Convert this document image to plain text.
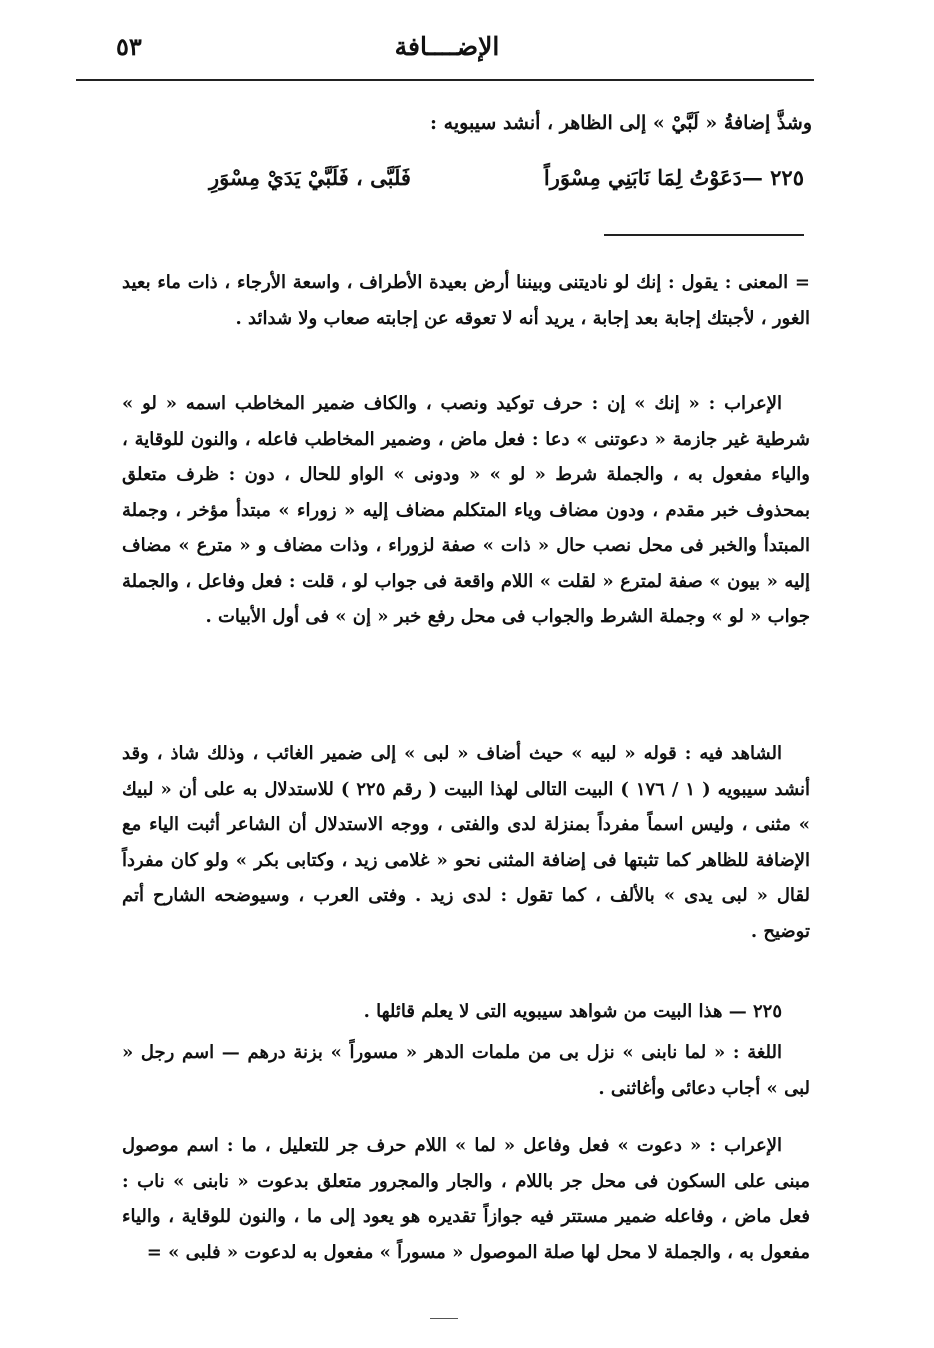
الإضــــافة
٥٣
وشذَّ إضافةُ « لَبَّيْ » إلى الظاهر ، أنشد سيبويه :
٢٢٥ —
دَعَوْتُ لِمَا نَابَنِي مِسْوَراً
فَلَبَّى ، فَلَبَّيْ يَدَيْ مِسْوَرِ

= المعنى : يقول : إنك لو ناديتنى وبيننا أرض بعيدة الأطراف ، واسعة الأرجاء ، ذات ماء بعيد الغور ، لأجبتك إجابة بعد إجابة ، يريد أنه لا تعوقه عن إجابته صعاب ولا شدائد .

الإعراب : « إنك » إن : حرف توكيد ونصب ، والكاف ضمير المخاطب اسمه « لو » شرطية غير جازمة « دعوتنى » دعا : فعل ماض ، وضمير المخاطب فاعله ، والنون للوقاية ، والياء مفعول به ، والجملة شرط « لو » « ودونى » الواو للحال ، دون : ظرف متعلق بمحذوف خبر مقدم ، ودون مضاف وياء المتكلم مضاف إليه « زوراء » مبتدأ مؤخر ، وجملة المبتدأ والخبر فى محل نصب حال « ذات » صفة لزوراء ، وذات مضاف و « مترع » مضاف إليه « بيون » صفة لمترع « لقلت » اللام واقعة فى جواب لو ، قلت : فعل وفاعل ، والجملة جواب « لو » وجملة الشرط والجواب فى محل رفع خبر « إن » فى أول الأبيات .

الشاهد فيه : قوله « لبيه » حيث أضاف « لبى » إلى ضمير الغائب ، وذلك شاذ ، وقد أنشد سيبويه ( ١ / ١٧٦ ) البيت التالى لهذا البيت ( رقم ٢٢٥ ) للاستدلال به على أن « لبيك » مثنى ، وليس اسماً مفرداً بمنزلة لدى والفتى ، ووجه الاستدلال أن الشاعر أثبت الياء مع الإضافة للظاهر كما تثبتها فى إضافة المثنى نحو « غلامى زيد ، وكتابى بكر » ولو كان مفرداً لقال « لبى يدى » بالألف ، كما تقول : لدى زيد . وفتى العرب ، وسيوضحه الشارح أتم توضيح .

٢٢٥ — هذا البيت من شواهد سيبويه التى لا يعلم قائلها .

اللغة : « لما نابنى » نزل بى من ملمات الدهر « مسوراً » بزنة درهم — اسم رجل « لبى » أجاب دعائى وأغاثنى .

الإعراب : « دعوت » فعل وفاعل « لما » اللام حرف جر للتعليل ، ما : اسم موصول مبنى على السكون فى محل جر باللام ، والجار والمجرور متعلق بدعوت « نابنى » ناب : فعل ماض ، وفاعله ضمير مستتر فيه جوازاً تقديره هو يعود إلى ما ، والنون للوقاية ، والياء مفعول به ، والجملة لا محل لها صلة الموصول « مسوراً » مفعول به لدعوت « فلبى » =
